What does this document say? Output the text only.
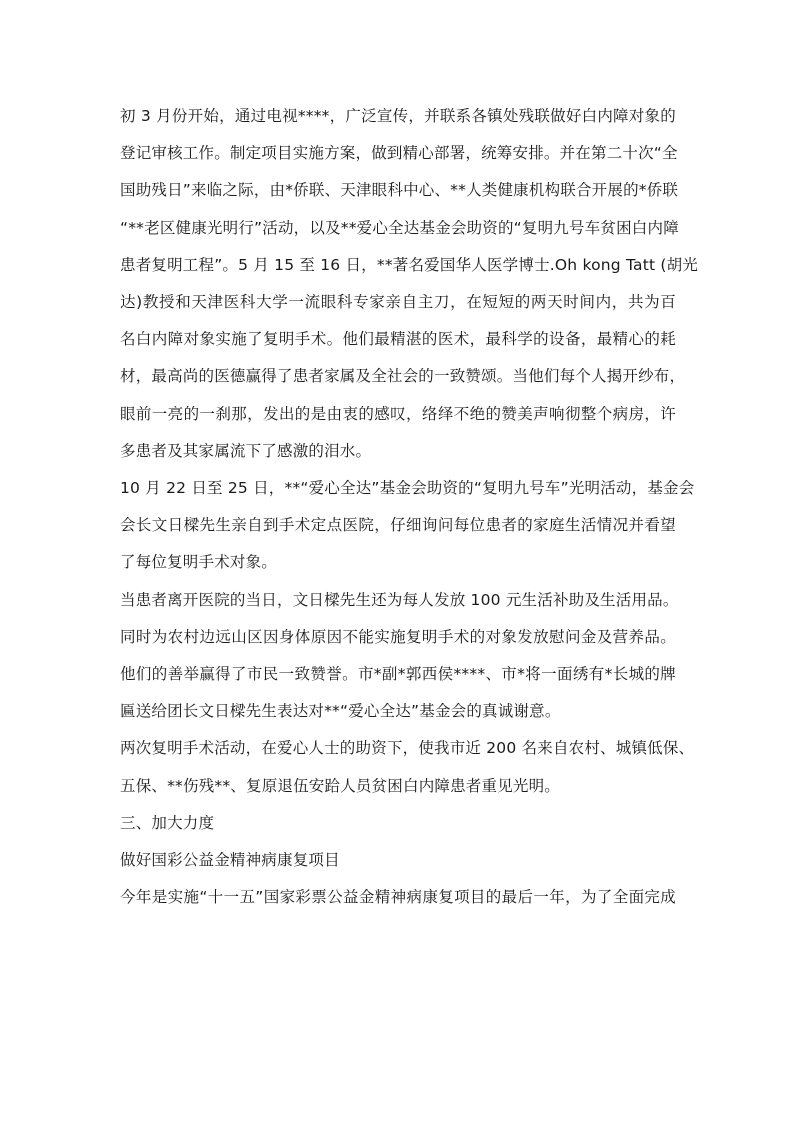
初 3 月份开始，通过电视****，广泛宣传，并联系各镇处残联做好白内障对象的
登记审核工作。制定项目实施方案，做到精心部署，统筹安排。并在第二十次“全
国助残日”来临之际，由*侨联、天津眼科中心、**人类健康机构联合开展的*侨联
“**老区健康光明行”活动，以及**爱心全达基金会助资的“复明九号车贫困白内障
患者复明工程”。5 月 15 至 16 日，**著名爱国华人医学博士.Oh kong Tatt (胡光
达)教授和天津医科大学一流眼科专家亲自主刀，在短短的两天时间内，共为百
名白内障对象实施了复明手术。他们最精湛的医术，最科学的设备，最精心的耗
材，最高尚的医德赢得了患者家属及全社会的一致赞颂。当他们每个人揭开纱布，
眼前一亮的一刹那，发出的是由衷的感叹，络绎不绝的赞美声响彻整个病房，许
多患者及其家属流下了感激的泪水。

10 月 22 日至 25 日，**“爱心全达”基金会助资的“复明九号车”光明活动，基金会
会长文日樑先生亲自到手术定点医院，仔细询问每位患者的家庭生活情况并看望
了每位复明手术对象。

当患者离开医院的当日，文日樑先生还为每人发放 100 元生活补助及生活用品。
同时为农村边远山区因身体原因不能实施复明手术的对象发放慰问金及营养品。
他们的善举赢得了市民一致赞誉。市*副*郭西侯****、市*将一面绣有*长城的牌
匾送给团长文日樑先生表达对**“爱心全达”基金会的真诚谢意。

两次复明手术活动，在爱心人士的助资下，使我市近 200 名来自农村、城镇低保、
五保、**伤残**、复原退伍安跲人员贫困白内障患者重见光明。

三、加大力度

做好国彩公益金精神病康复项目

今年是实施“十一五”国家彩票公益金精神病康复项目的最后一年，为了全面完成
